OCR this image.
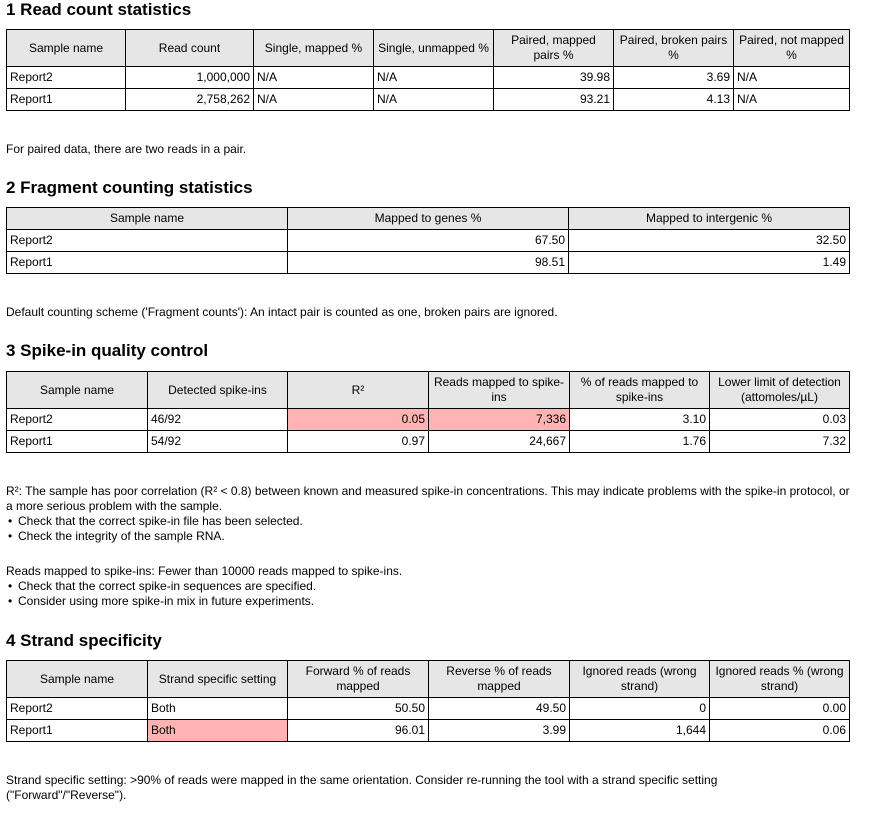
1 Read count statistics
Sample name	Read count	Single, mapped %	Single, unmapped %	Paired, mapped pairs %	Paired, broken pairs %	Paired, not mapped %
Report2	1,000,000	N/A	N/A	39.98	3.69	N/A
Report1	2,758,262	N/A	N/A	93.21	4.13	N/A

For paired data, there are two reads in a pair.

2 Fragment counting statistics
Sample name	Mapped to genes %	Mapped to intergenic %
Report2	67.50	32.50
Report1	98.51	1.49

Default counting scheme ('Fragment counts'): An intact pair is counted as one, broken pairs are ignored.

3 Spike-in quality control
Sample name	Detected spike-ins	R²	Reads mapped to spike-ins	% of reads mapped to spike-ins	Lower limit of detection (attomoles/µL)
Report2	46/92	0.05	7,336	3.10	0.03
Report1	54/92	0.97	24,667	1.76	7.32

R²: The sample has poor correlation (R² < 0.8) between known and measured spike-in concentrations. This may indicate problems with the spike-in protocol, or a more serious problem with the sample.

• Check that the correct spike-in file has been selected.
• Check the integrity of the sample RNA.

Reads mapped to spike-ins: Fewer than 10000 reads mapped to spike-ins.

• Check that the correct spike-in sequences are specified.
• Consider using more spike-in mix in future experiments.
4 Strand specificity
Sample name	Strand specific setting	Forward % of reads mapped	Reverse % of reads mapped	Ignored reads (wrong strand)	Ignored reads % (wrong strand)
Report2	Both	50.50	49.50	0	0.00
Report1	Both	96.01	3.99	1,644	0.06

Strand specific setting: >90% of reads were mapped in the same orientation. Consider re-running the tool with a strand specific setting ("Forward"/"Reverse").
